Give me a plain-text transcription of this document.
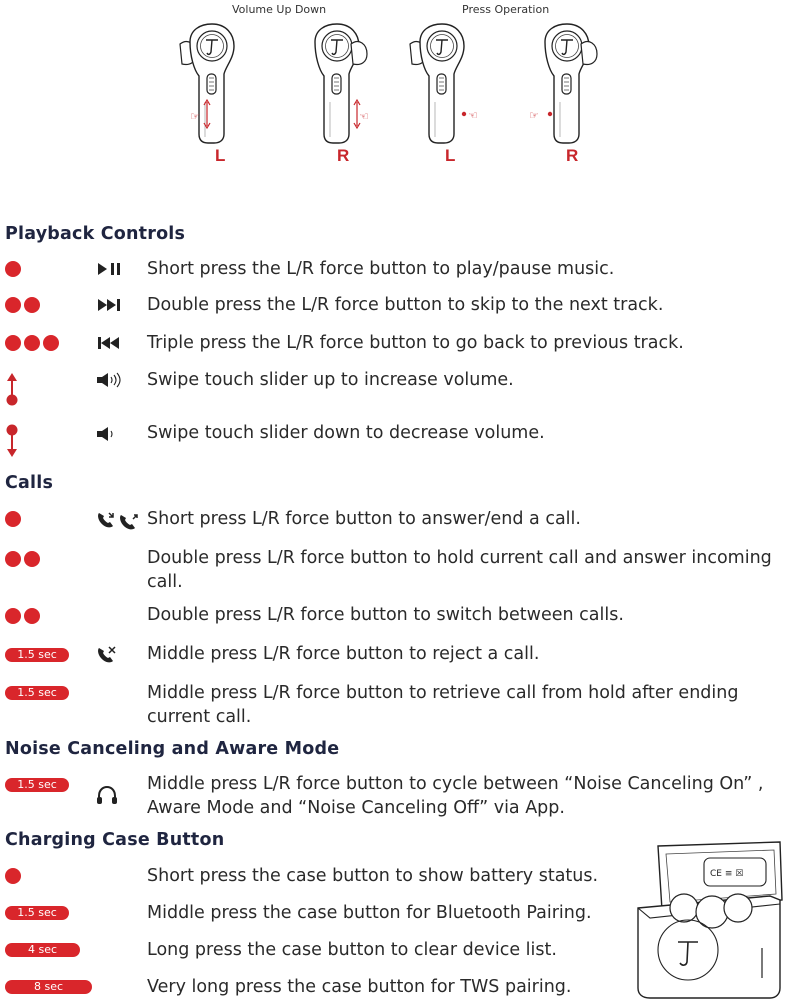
Volume Up Down	Press Operation
☞	☜	☜	☞
L	R	L	R
Playback Controls
Short press the L/R force button to play/pause music.
Double press the L/R force button to skip to the next track.
Triple press the L/R force button to go back to previous track.
Swipe touch slider up to increase volume.
Swipe touch slider down to decrease volume.
Calls
Short press L/R force button to answer/end a call.
Double press L/R force button to hold current call and answer incoming call.
Double press L/R force button to switch between calls.
1.5 sec	Middle press L/R force button to reject a call.
1.5 sec	Middle press L/R force button to retrieve call from hold after ending current call.
Noise Canceling and Aware Mode
1.5 sec	Middle press L/R force button to cycle between “Noise Canceling On” , Aware Mode and “Noise Canceling Off” via App.
Charging Case Button
Short press the case button to show battery status.
1.5 sec	Middle press the case button for Bluetooth Pairing.
4 sec	Long press the case button to clear device list.
8 sec	Very long press the case button for TWS pairing.
CE ≡ ☒
